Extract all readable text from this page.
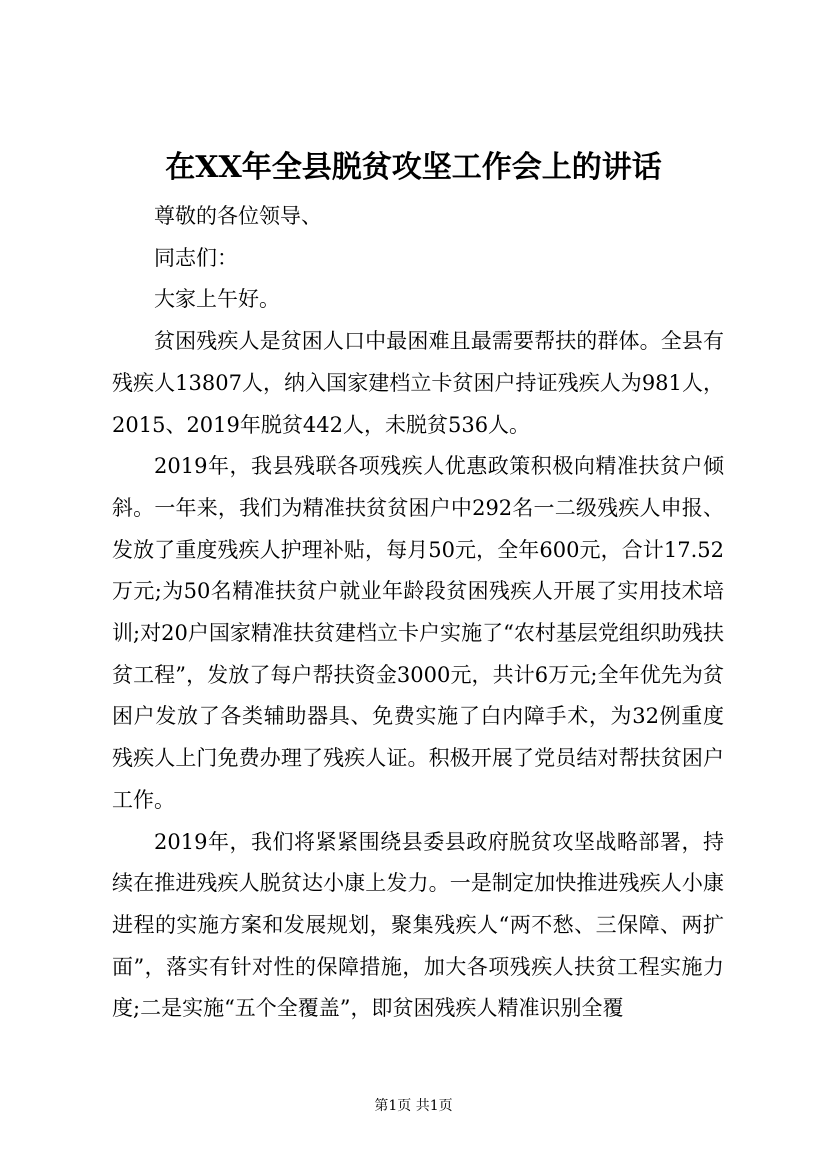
在XX年全县脱贫攻坚工作会上的讲话

尊敬的各位领导、

同志们：

大家上午好。

贫困残疾人是贫困人口中最困难且最需要帮扶的群体。全县有残疾人13807人，纳入国家建档立卡贫困户持证残疾人为981人，2015、2019年脱贫442人，未脱贫536人。

2019年，我县残联各项残疾人优惠政策积极向精准扶贫户倾斜。一年来，我们为精准扶贫贫困户中292名一二级残疾人申报、发放了重度残疾人护理补贴，每月50元，全年600元，合计17.52万元;为50名精准扶贫户就业年龄段贫困残疾人开展了实用技术培训;对20户国家精准扶贫建档立卡户实施了“农村基层党组织助残扶贫工程”，发放了每户帮扶资金3000元，共计6万元;全年优先为贫困户发放了各类辅助器具、免费实施了白内障手术，为32例重度残疾人上门免费办理了残疾人证。积极开展了党员结对帮扶贫困户工作。

2019年，我们将紧紧围绕县委县政府脱贫攻坚战略部署，持续在推进残疾人脱贫达小康上发力。一是制定加快推进残疾人小康进程的实施方案和发展规划，聚集残疾人“两不愁、三保障、两扩面”，落实有针对性的保障措施，加大各项残疾人扶贫工程实施力度;二是实施“五个全覆盖”，即贫困残疾人精准识别全覆

第1页 共1页
